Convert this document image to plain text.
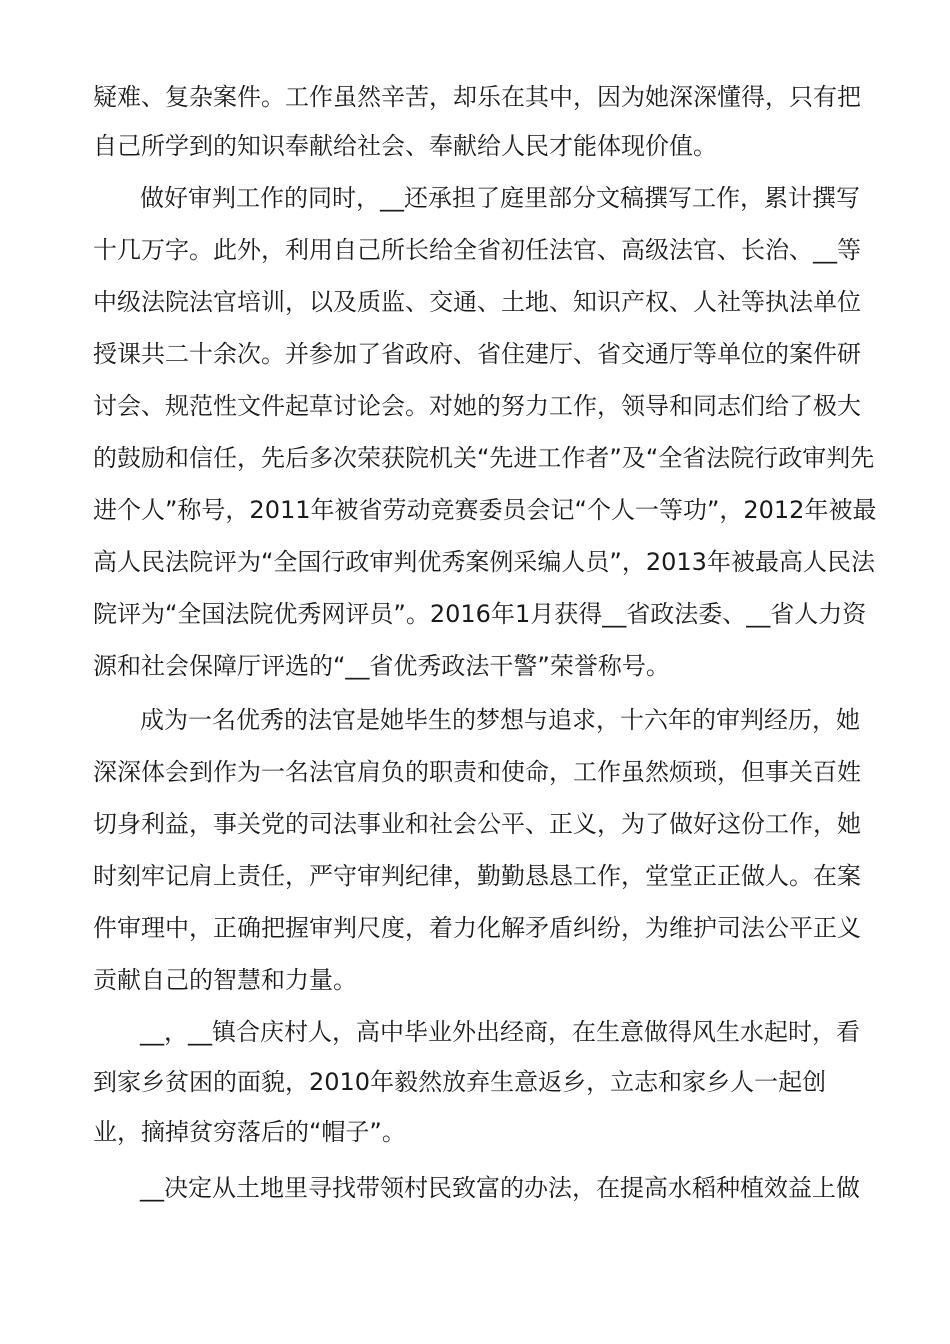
疑难、复杂案件。工作虽然辛苦，却乐在其中，因为她深深懂得，只有把
自己所学到的知识奉献给社会、奉献给人民才能体现价值。
做好审判工作的同时，__还承担了庭里部分文稿撰写工作，累计撰写
十几万字。此外，利用自己所长给全省初任法官、高级法官、长治、__等
中级法院法官培训，以及质监、交通、土地、知识产权、人社等执法单位
授课共二十余次。并参加了省政府、省住建厅、省交通厅等单位的案件研
讨会、规范性文件起草讨论会。对她的努力工作，领导和同志们给了极大
的鼓励和信任，先后多次荣获院机关“先进工作者”及“全省法院行政审判先
进个人”称号，2011年被省劳动竞赛委员会记“个人一等功”，2012年被最
高人民法院评为“全国行政审判优秀案例采编人员”，2013年被最高人民法
院评为“全国法院优秀网评员”。2016年1月获得__省政法委、__省人力资
源和社会保障厅评选的“__省优秀政法干警”荣誉称号。
成为一名优秀的法官是她毕生的梦想与追求，十六年的审判经历，她
深深体会到作为一名法官肩负的职责和使命，工作虽然烦琐，但事关百姓
切身利益，事关党的司法事业和社会公平、正义，为了做好这份工作，她
时刻牢记肩上责任，严守审判纪律，勤勤恳恳工作，堂堂正正做人。在案
件审理中，正确把握审判尺度，着力化解矛盾纠纷，为维护司法公平正义
贡献自己的智慧和力量。
__，__镇合庆村人，高中毕业外出经商，在生意做得风生水起时，看
到家乡贫困的面貌，2010年毅然放弃生意返乡，立志和家乡人一起创
业，摘掉贫穷落后的“帽子”。
__决定从土地里寻找带领村民致富的办法，在提高水稻种植效益上做
